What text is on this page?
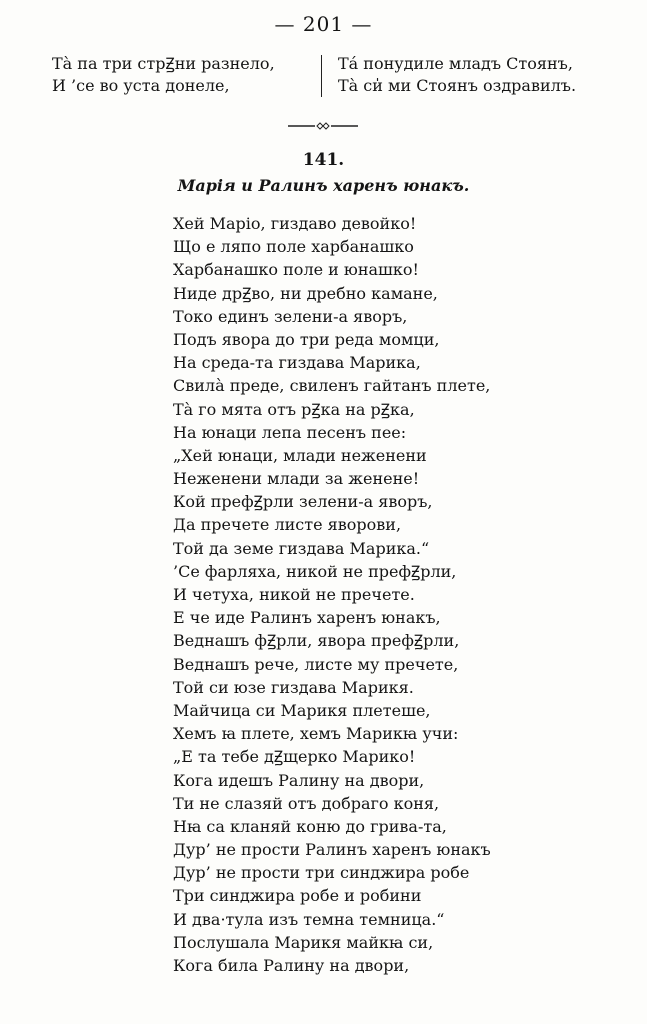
— 201 —
Тà па три стрꙂни разнело,
И ’се во уста донеле,
Тá понудиле младъ Стоянъ,
Тà си̍ ми Стоянъ оздравилъ.
141.
Марія и Ралинъ харенъ юнакъ.
Хей Маріо, гиздаво девойко!
Що е ляпо поле харбанашко
Харбанашко поле и юнашко!
Ниде дрꙂво, ни дребно камане,
Токо единъ зелени-а яворъ,
Подъ явора до три реда момци,
На среда-та гиздава Марика,
Свилà преде, свиленъ гайтанъ плете,
Тà го мята отъ рꙂка на рꙂка,
На юнаци лепа песенъ пее:
„Хей юнаци, млади неженени
Неженени млади за женене!
Кой префꙂрли зелени-а яворъ,
Да пречете листе яворови,
Той да земе гиздава Марика.“
’Се фарляха, никой не префꙂрли,
И четуха, никой не пречете.
Е че иде Ралинъ харенъ юнакъ,
Веднашъ фꙂрли, явора префꙂрли,
Веднашъ рече, листе му пречете,
Той си юзе гиздава Марикя.
Майчица си Марикя плетеше,
Хемъ ꙗ плете, хемъ Марикꙗ учи:
„Е та тебе дꙂщерко Марико!
Кога идешъ Ралину на двори,
Ти не слазяй отъ добраго коня,
Нꙗ са кланяй коню до грива-та,
Дур’ не прости Ралинъ харенъ юнакъ
Дур’ не прости три синджира робе
Три синджира робе и робини
И два·тула изъ темна темница.“
Послушала Марикя майкꙗ си,
Кога била Ралину на двори,
